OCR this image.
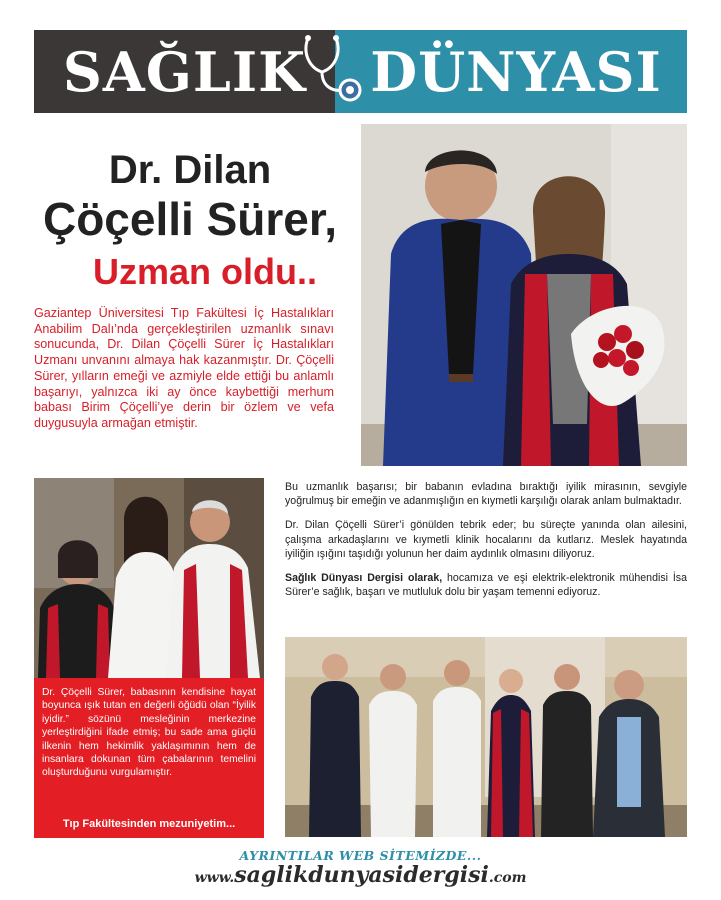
SAĞLIK	DÜNYASI
Dr. Dilan
Çöçelli Sürer,
Uzman oldu..
Gaziantep Üniversitesi Tıp Fakültesi İç Hastalıkları Anabilim Dalı’nda gerçekleştirilen uzmanlık sınavı sonucunda, Dr. Dilan Çöçelli Sürer İç Hastalıkları Uzmanı unvanını almaya hak kazanmıştır. Dr. Çöçelli Sürer, yılların emeği ve azmiyle elde ettiği bu anlamlı başarıyı, yalnızca iki ay önce kaybettiği merhum babası Birim Çöçelli’ye derin bir özlem ve vefa duygusuyla armağan etmiştir.

Bu uzmanlık başarısı; bir babanın evladına bıraktığı iyilik mirasının, sevgiyle yoğrulmuş bir emeğin ve adanmışlığın en kıymetli karşılığı olarak anlam bulmaktadır.

Dr. Dilan Çöçelli Sürer’i gönülden tebrik eder; bu süreçte yanında olan ailesini, çalışma arkadaşlarını ve kıymetli klinik hocalarını da kutlarız. Meslek hayatında iyiliğin ışığını taşıdığı yolunun her daim aydınlık olmasını diliyoruz.

Sağlık Dünyası Dergisi olarak, hocamıza ve eşi elektrik-elektronik mühendisi İsa Sürer’e sağlık, başarı ve mutluluk dolu bir yaşam temenni ediyoruz.

Dr. Çöçelli Sürer, babasının kendisine hayat boyunca ışık tutan en değerli öğüdü olan “İyilik iyidir.” sözünü mesleğinin merkezine yerleştirdiğini ifade etmiş; bu sade ama güçlü ilkenin hem hekimlik yaklaşımının hem de insanlara dokunan tüm çabalarının temelini oluşturduğunu vurgulamıştır.
Tıp Fakültesinden mezuniyetim...
AYRINTILAR WEB SİTEMİZDE...
www.saglikdunyasidergisi.com
